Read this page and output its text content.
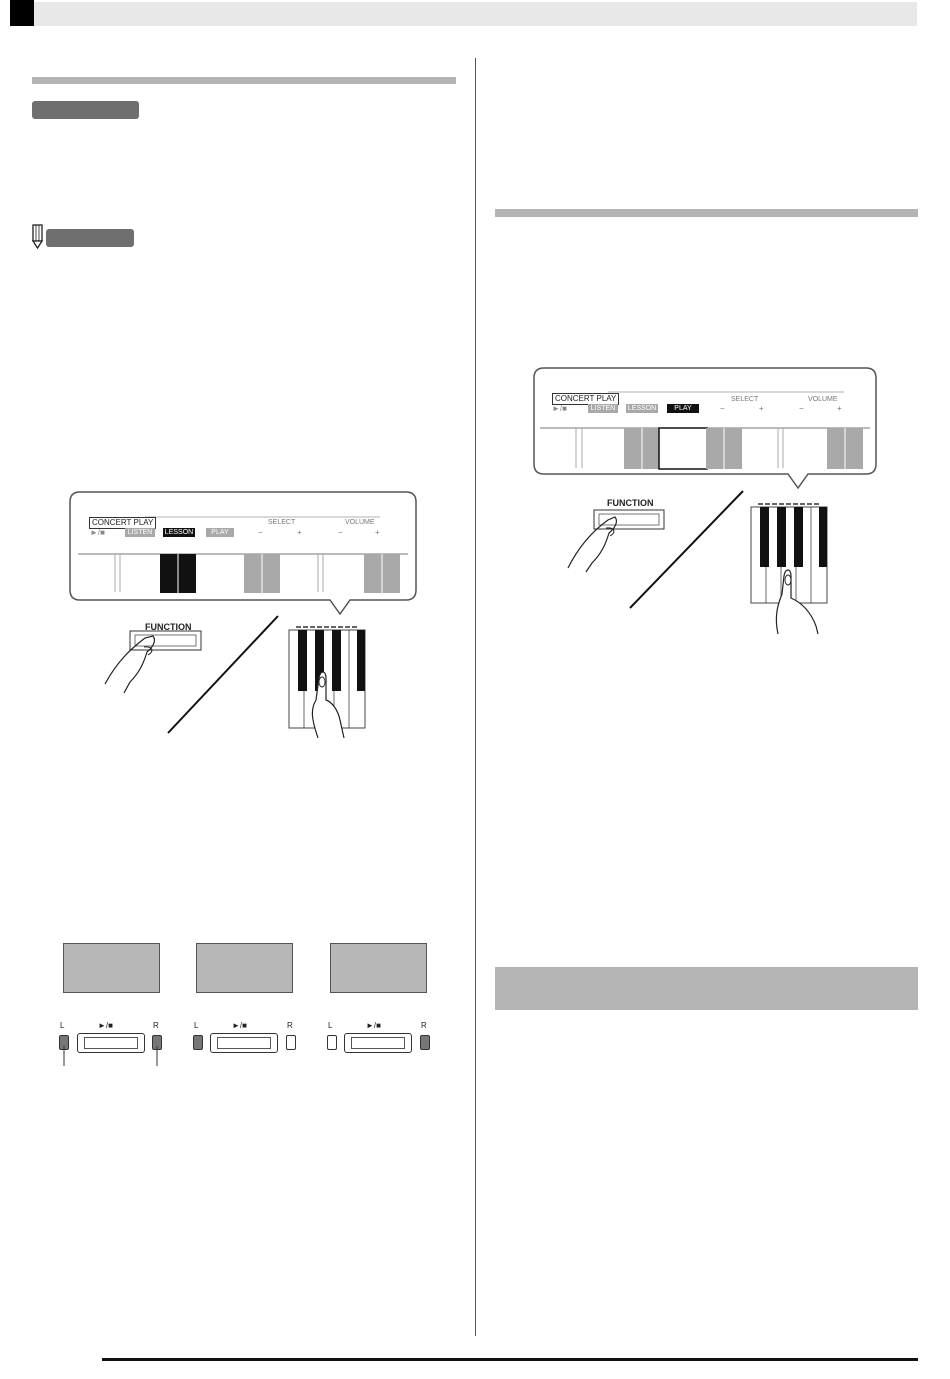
CONCERT PLAY
►/■	LISTEN	LESSON	PLAY
SELECT	VOLUME
−	+	−	+
FUNCTION
CONCERT PLAY
►/■	LISTEN	LESSON	PLAY
SELECT	VOLUME
−	+	−	+
FUNCTION
L	►/■	R	L	►/■	R	L	►/■	R
